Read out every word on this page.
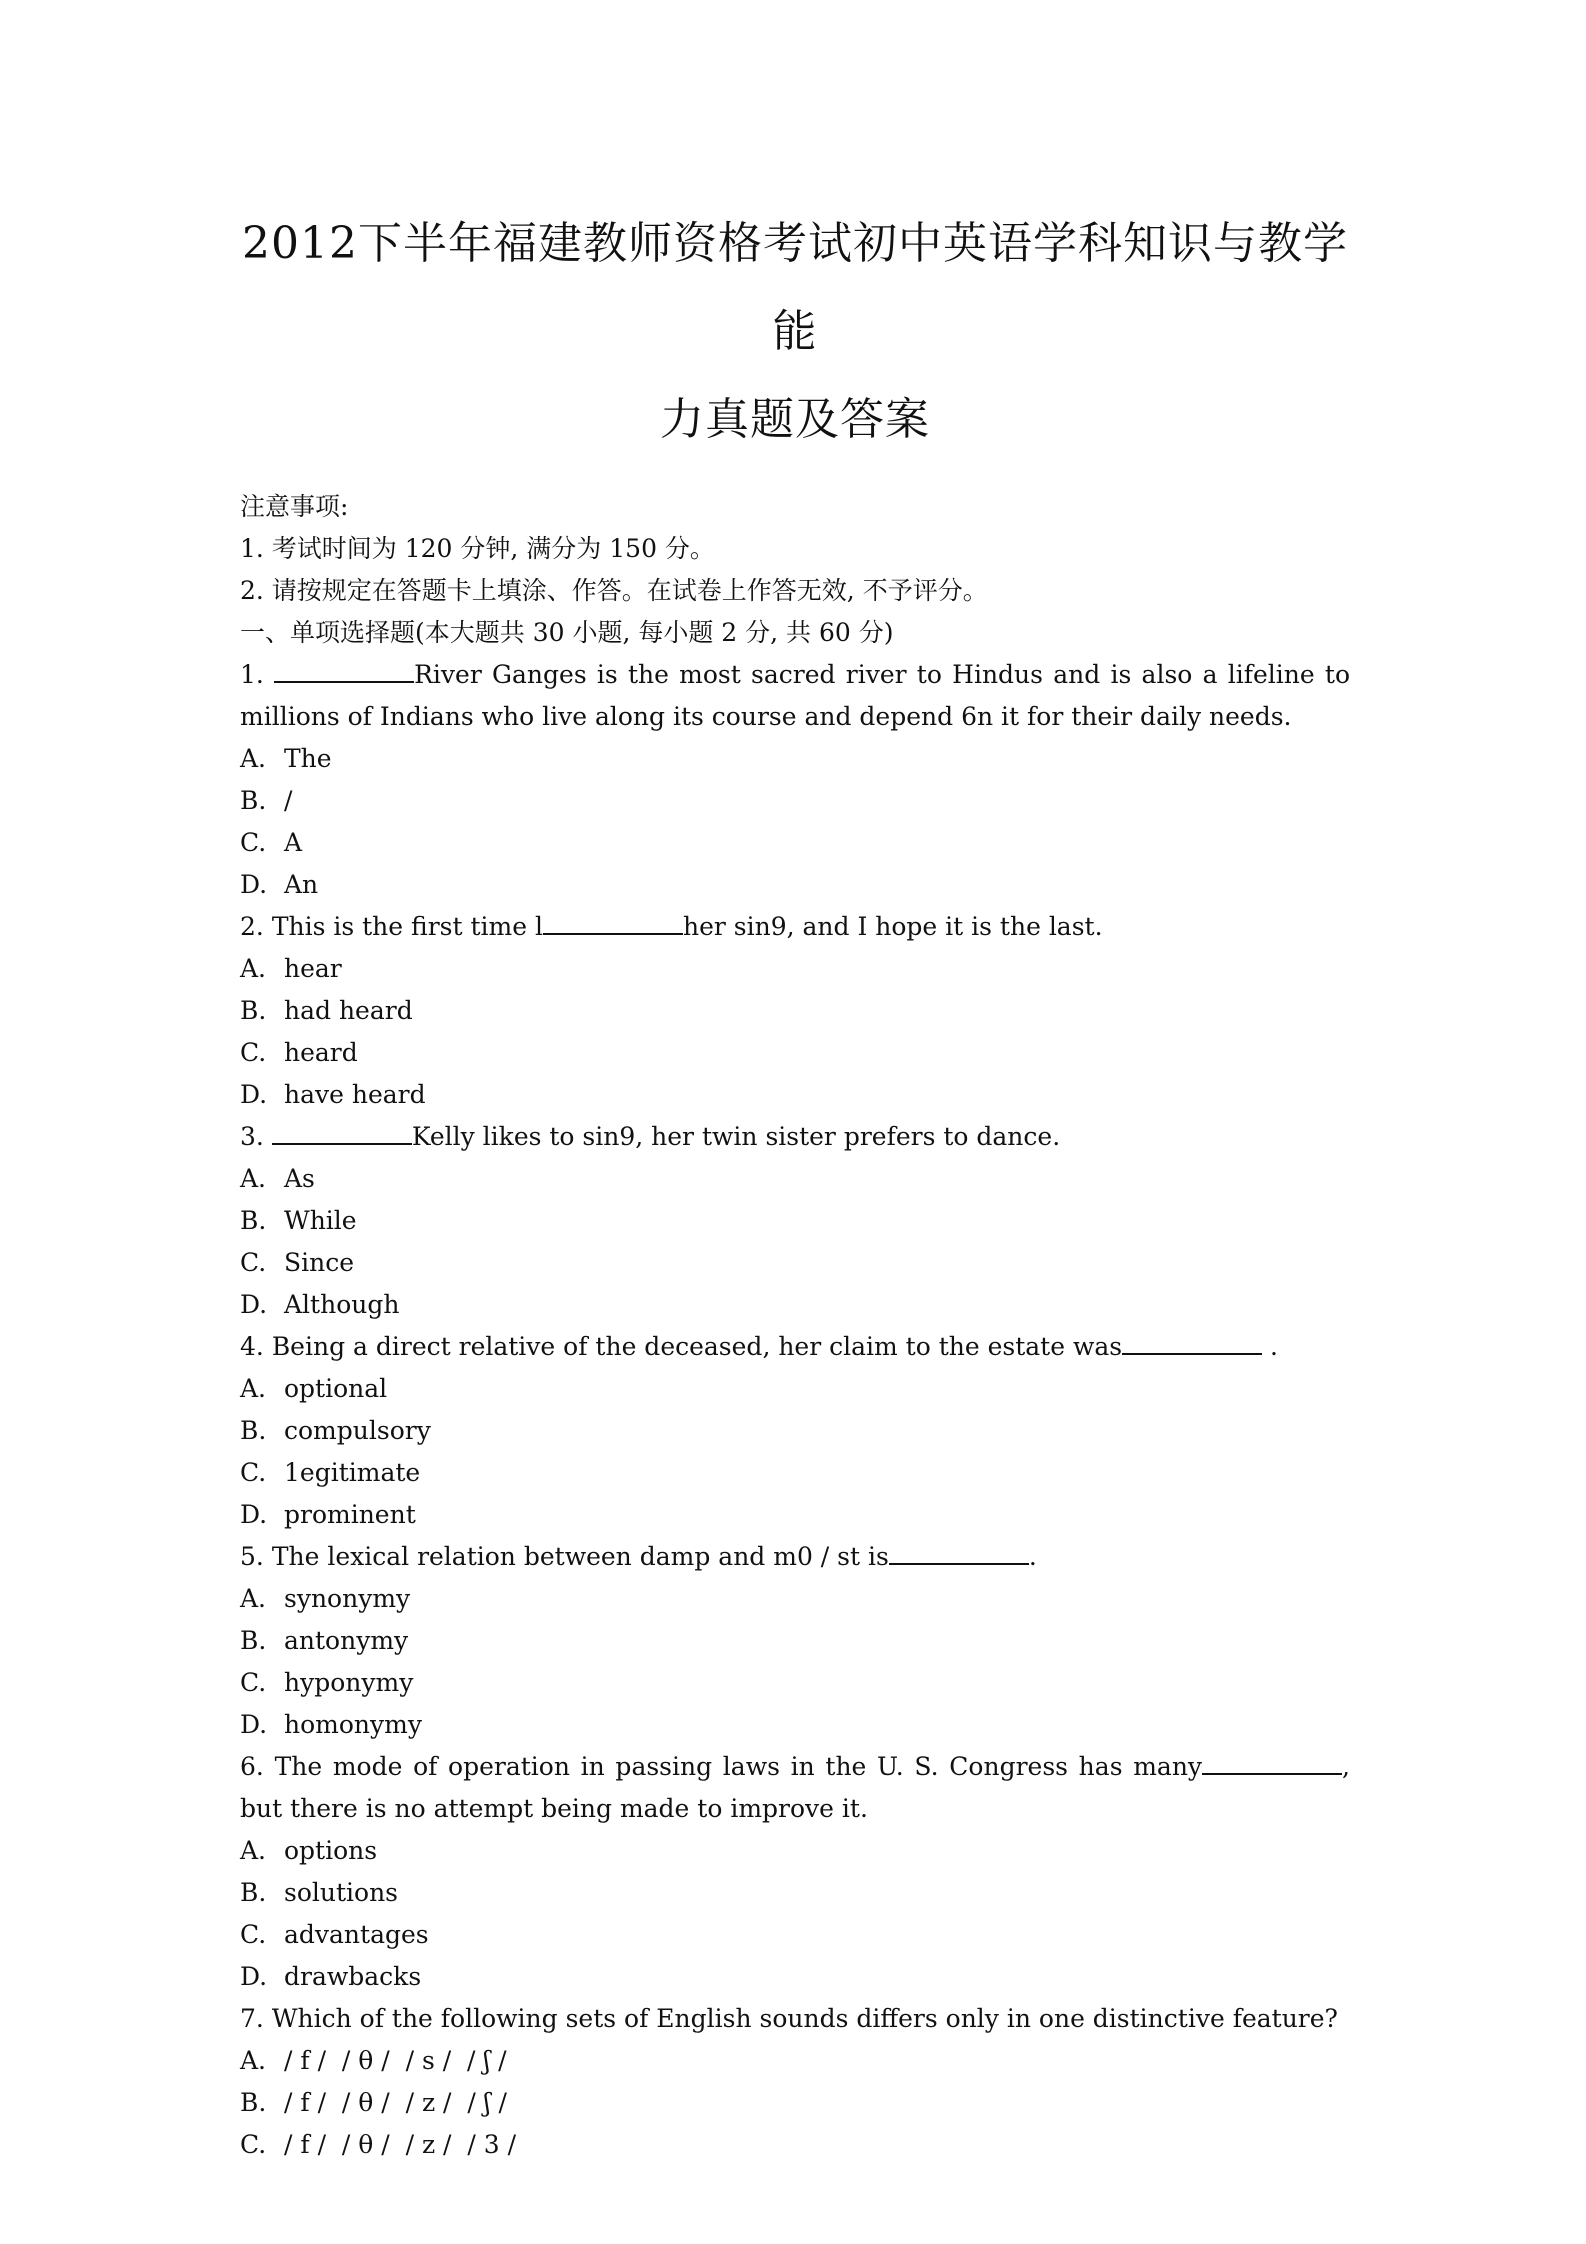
2012下半年福建教师资格考试初中英语学科知识与教学能
力真题及答案

注意事项:

1. 考试时间为 120 分钟, 满分为 150 分。

2. 请按规定在答题卡上填涂、作答。在试卷上作答无效, 不予评分。

一、单项选择题(本大题共 30 小题, 每小题 2 分, 共 60 分)

1.	River Ganges is the most sacred river to Hindus and is also a lifeline to millions of Indians who live along its course and depend 6n it for their daily needs.

A. The

B. /

C. A

D. An

2. This is the first time l	her sin9, and I hope it is the last.

A. hear

B. had heard

C. heard

D. have heard

3.	Kelly likes to sin9, her twin sister prefers to dance.

A. As

B. While

C. Since

D. Although

4. Being a direct relative of the deceased, her claim to the estate was	.

A. optional

B. compulsory

C. 1egitimate

D. prominent

5. The lexical relation between damp and m0 / st is	.

A. synonymy

B. antonymy

C. hyponymy

D. homonymy

6. The mode of operation in passing laws in the U. S. Congress has many	, but there is no attempt being made to improve it.

A. options

B. solutions

C. advantages

D. drawbacks

7. Which of the following sets of English sounds differs only in one distinctive feature?

A. / f /  / θ /  / s /  / ʃ /

B. / f /  / θ /  / z /  / ʃ /

C. / f /  / θ /  / z /  / 3 /
